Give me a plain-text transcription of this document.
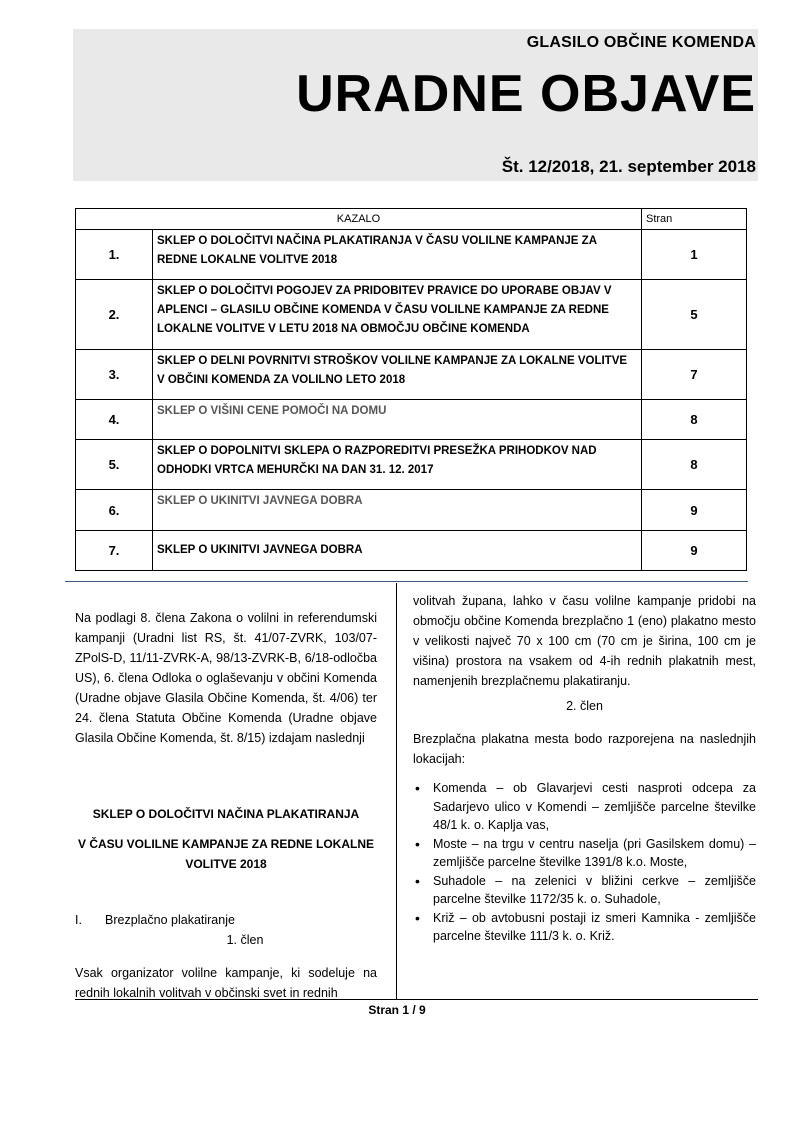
GLASILO OBČINE KOMENDA
URADNE OBJAVE
Št. 12/2018, 21. september 2018
KAZALO		Stran
1.	SKLEP O DOLOČITVI NAČINA PLAKATIRANJA V ČASU VOLILNE KAMPANJE ZA REDNE LOKALNE VOLITVE 2018	1
2.	SKLEP O DOLOČITVI POGOJEV ZA PRIDOBITEV PRAVICE DO UPORABE OBJAV V APLENCI – GLASILU OBČINE KOMENDA V ČASU VOLILNE KAMPANJE ZA REDNE LOKALNE VOLITVE V LETU 2018 NA OBMOČJU OBČINE KOMENDA	5
3.	SKLEP O DELNI POVRNITVI STROŠKOV VOLILNE KAMPANJE ZA LOKALNE VOLITVE V OBČINI KOMENDA ZA VOLILNO LETO 2018	7
4.	SKLEP O VIŠINI CENE POMOČI NA DOMU	8
5.	SKLEP O DOPOLNITVI SKLEPA O RAZPOREDITVI PRESEŽKA PRIHODKOV NAD ODHODKI VRTCA MEHURČKI NA DAN 31. 12. 2017	8
6.	SKLEP O UKINITVI JAVNEGA DOBRA	9
7.	SKLEP O UKINITVI JAVNEGA DOBRA	9

Na podlagi 8. člena Zakona o volilni in referendumski kampanji (Uradni list RS, št. 41/07-ZVRK, 103/07-ZPolS-D, 11/11-ZVRK-A, 98/13-ZVRK-B, 6/18-odločba US), 6. člena Odloka o oglaševanju v občini Komenda (Uradne objave Glasila Občine Komenda, št. 4/06) ter 24. člena Statuta Občine Komenda (Uradne objave Glasila Občine Komenda, št. 8/15) izdajam naslednji

SKLEP O DOLOČITVI NAČINA PLAKATIRANJA
V ČASU VOLILNE KAMPANJE ZA REDNE LOKALNE VOLITVE 2018
I. Brezplačno plakatiranje
1. člen

Vsak organizator volilne kampanje, ki sodeluje na rednih lokalnih volitvah v občinski svet in rednih

volitvah župana, lahko v času volilne kampanje pridobi na območju občine Komenda brezplačno 1 (eno) plakatno mesto v velikosti največ 70 x 100 cm (70 cm je širina, 100 cm je višina) prostora na vsakem od 4-ih rednih plakatnih mest, namenjenih brezplačnemu plakatiranju.

2. člen

Brezplačna plakatna mesta bodo razporejena na naslednjih lokacijah:

• Komenda – ob Glavarjevi cesti nasproti odcepa za Sadarjevo ulico v Komendi – zemljišče parcelne številke 48/1 k. o. Kaplja vas,
• Moste – na trgu v centru naselja (pri Gasilskem domu) – zemljišče parcelne številke 1391/8 k.o. Moste,
• Suhadole – na zelenici v bližini cerkve – zemljišče parcelne številke 1172/35 k. o. Suhadole,
• Križ – ob avtobusni postaji iz smeri Kamnika - zemljišče parcelne številke 111/3 k. o. Križ.
Stran 1 / 9
